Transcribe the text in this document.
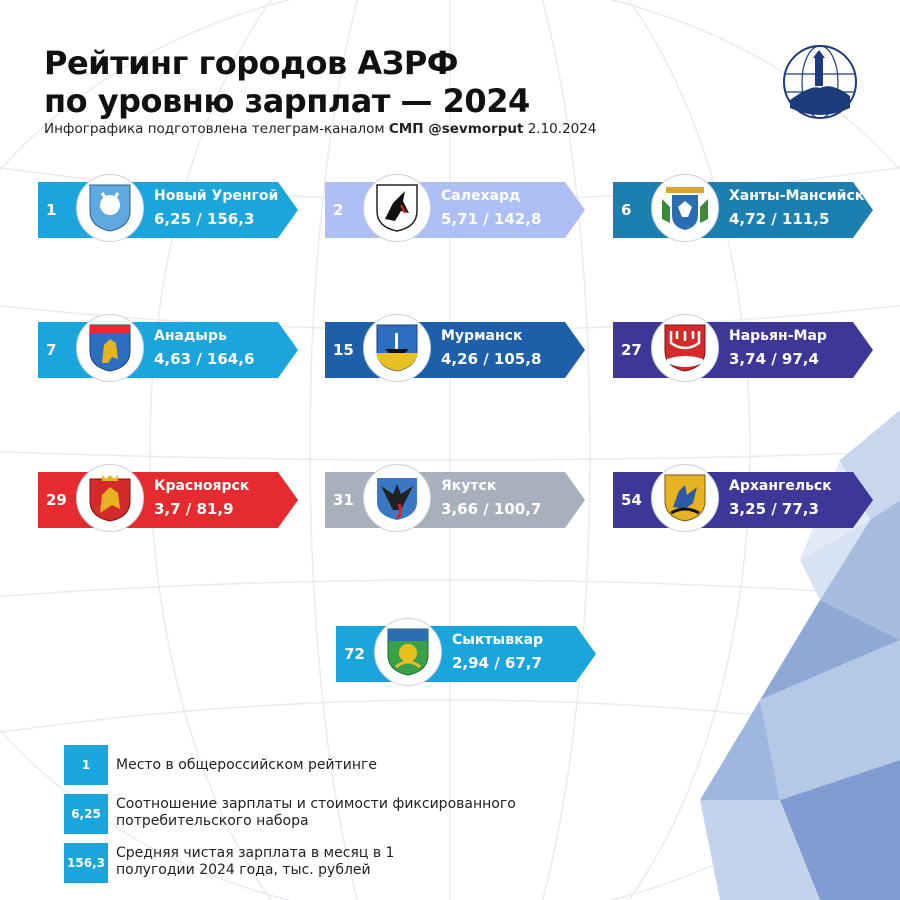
Рейтинг городов АЗРФ
по уровню зарплат — 2024
Инфографика подготовлена телеграм-каналом СМП @sevmorput 2.10.2024
1
Новый Уренгой
6,25 / 156,3	2
Салехард
5,71 / 142,8	6
Ханты-Мансийск
4,72 / 111,5
7
Анадырь
4,63 / 164,6	15
Мурманск
4,26 / 105,8	27
Нарьян-Мар
3,74 / 97,4
29
Красноярск
3,7 / 81,9	31
Якутск
3,66 / 100,7	54
Архангельск
3,25 / 77,3
72
Сыктывкар
2,94 / 67,7
1	Место в общероссийском рейтинге
6,25
Соотношение зарплаты и стоимости фиксированного потребительского набора
156,3
Средняя чистая зарплата в месяц в 1 полугодии 2024 года, тыс. рублей
